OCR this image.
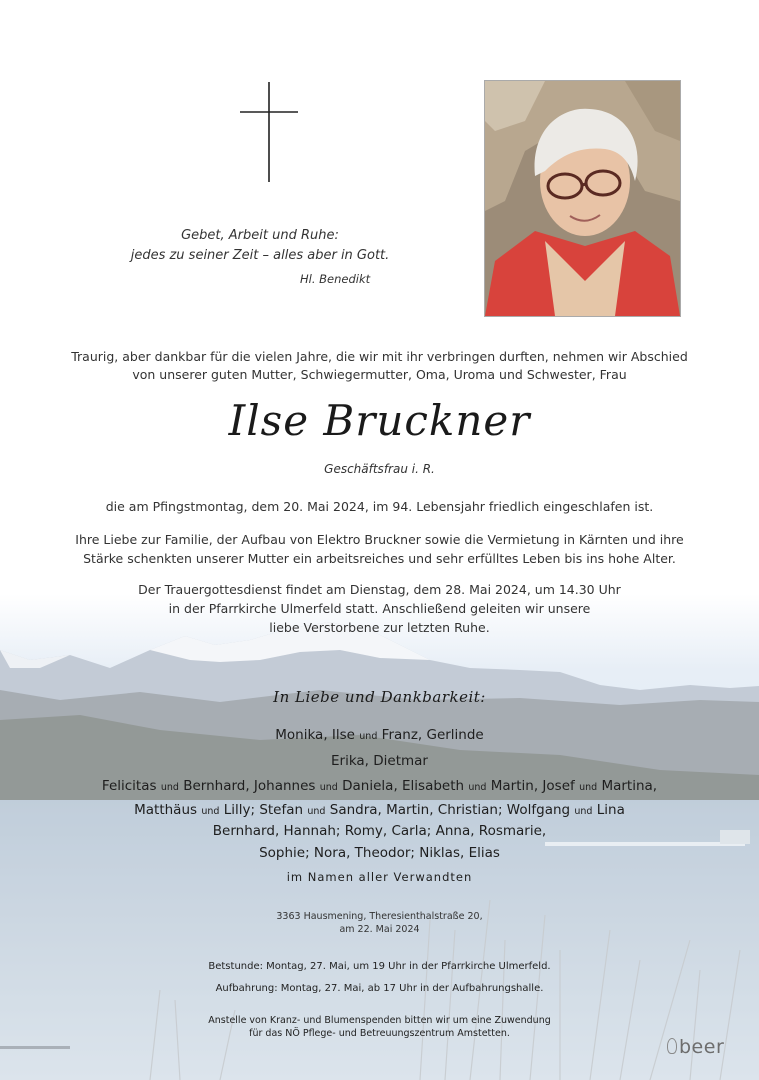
Gebet, Arbeit und Ruhe:
jedes zu seiner Zeit – alles aber in Gott.
Hl. Benedikt
Traurig, aber dankbar für die vielen Jahre, die wir mit ihr verbringen durften, nehmen wir Abschied
von unserer guten Mutter, Schwiegermutter, Oma, Uroma und Schwester, Frau
Ilse Bruckner
Geschäftsfrau i. R.
die am Pfingstmontag, dem 20. Mai 2024, im 94. Lebensjahr friedlich eingeschlafen ist.
Ihre Liebe zur Familie, der Aufbau von Elektro Bruckner sowie die Vermietung in Kärnten und ihre
Stärke schenkten unserer Mutter ein arbeitsreiches und sehr erfülltes Leben bis ins hohe Alter.
Der Trauergottesdienst findet am Dienstag, dem 28. Mai 2024, um 14.30 Uhr
in der Pfarrkirche Ulmerfeld statt. Anschließend geleiten wir unsere
liebe Verstorbene zur letzten Ruhe.
In Liebe und Dankbarkeit:
Monika, Ilse und Franz, Gerlinde
Erika, Dietmar
Felicitas und Bernhard, Johannes und Daniela, Elisabeth und Martin, Josef und Martina,
Matthäus und Lilly; Stefan und Sandra, Martin, Christian; Wolfgang und Lina
Bernhard, Hannah; Romy, Carla; Anna, Rosmarie,
Sophie; Nora, Theodor; Niklas, Elias
im Namen aller Verwandten
3363 Hausmening, Theresienthalstraße 20,
am 22. Mai 2024
Betstunde: Montag, 27. Mai, um 19 Uhr in der Pfarrkirche Ulmerfeld.
Aufbahrung: Montag, 27. Mai, ab 17 Uhr in der Aufbahrungshalle.
Anstelle von Kranz- und Blumenspenden bitten wir um eine Zuwendung
für das NÖ Pflege- und Betreuungszentrum Amstetten.
beer
